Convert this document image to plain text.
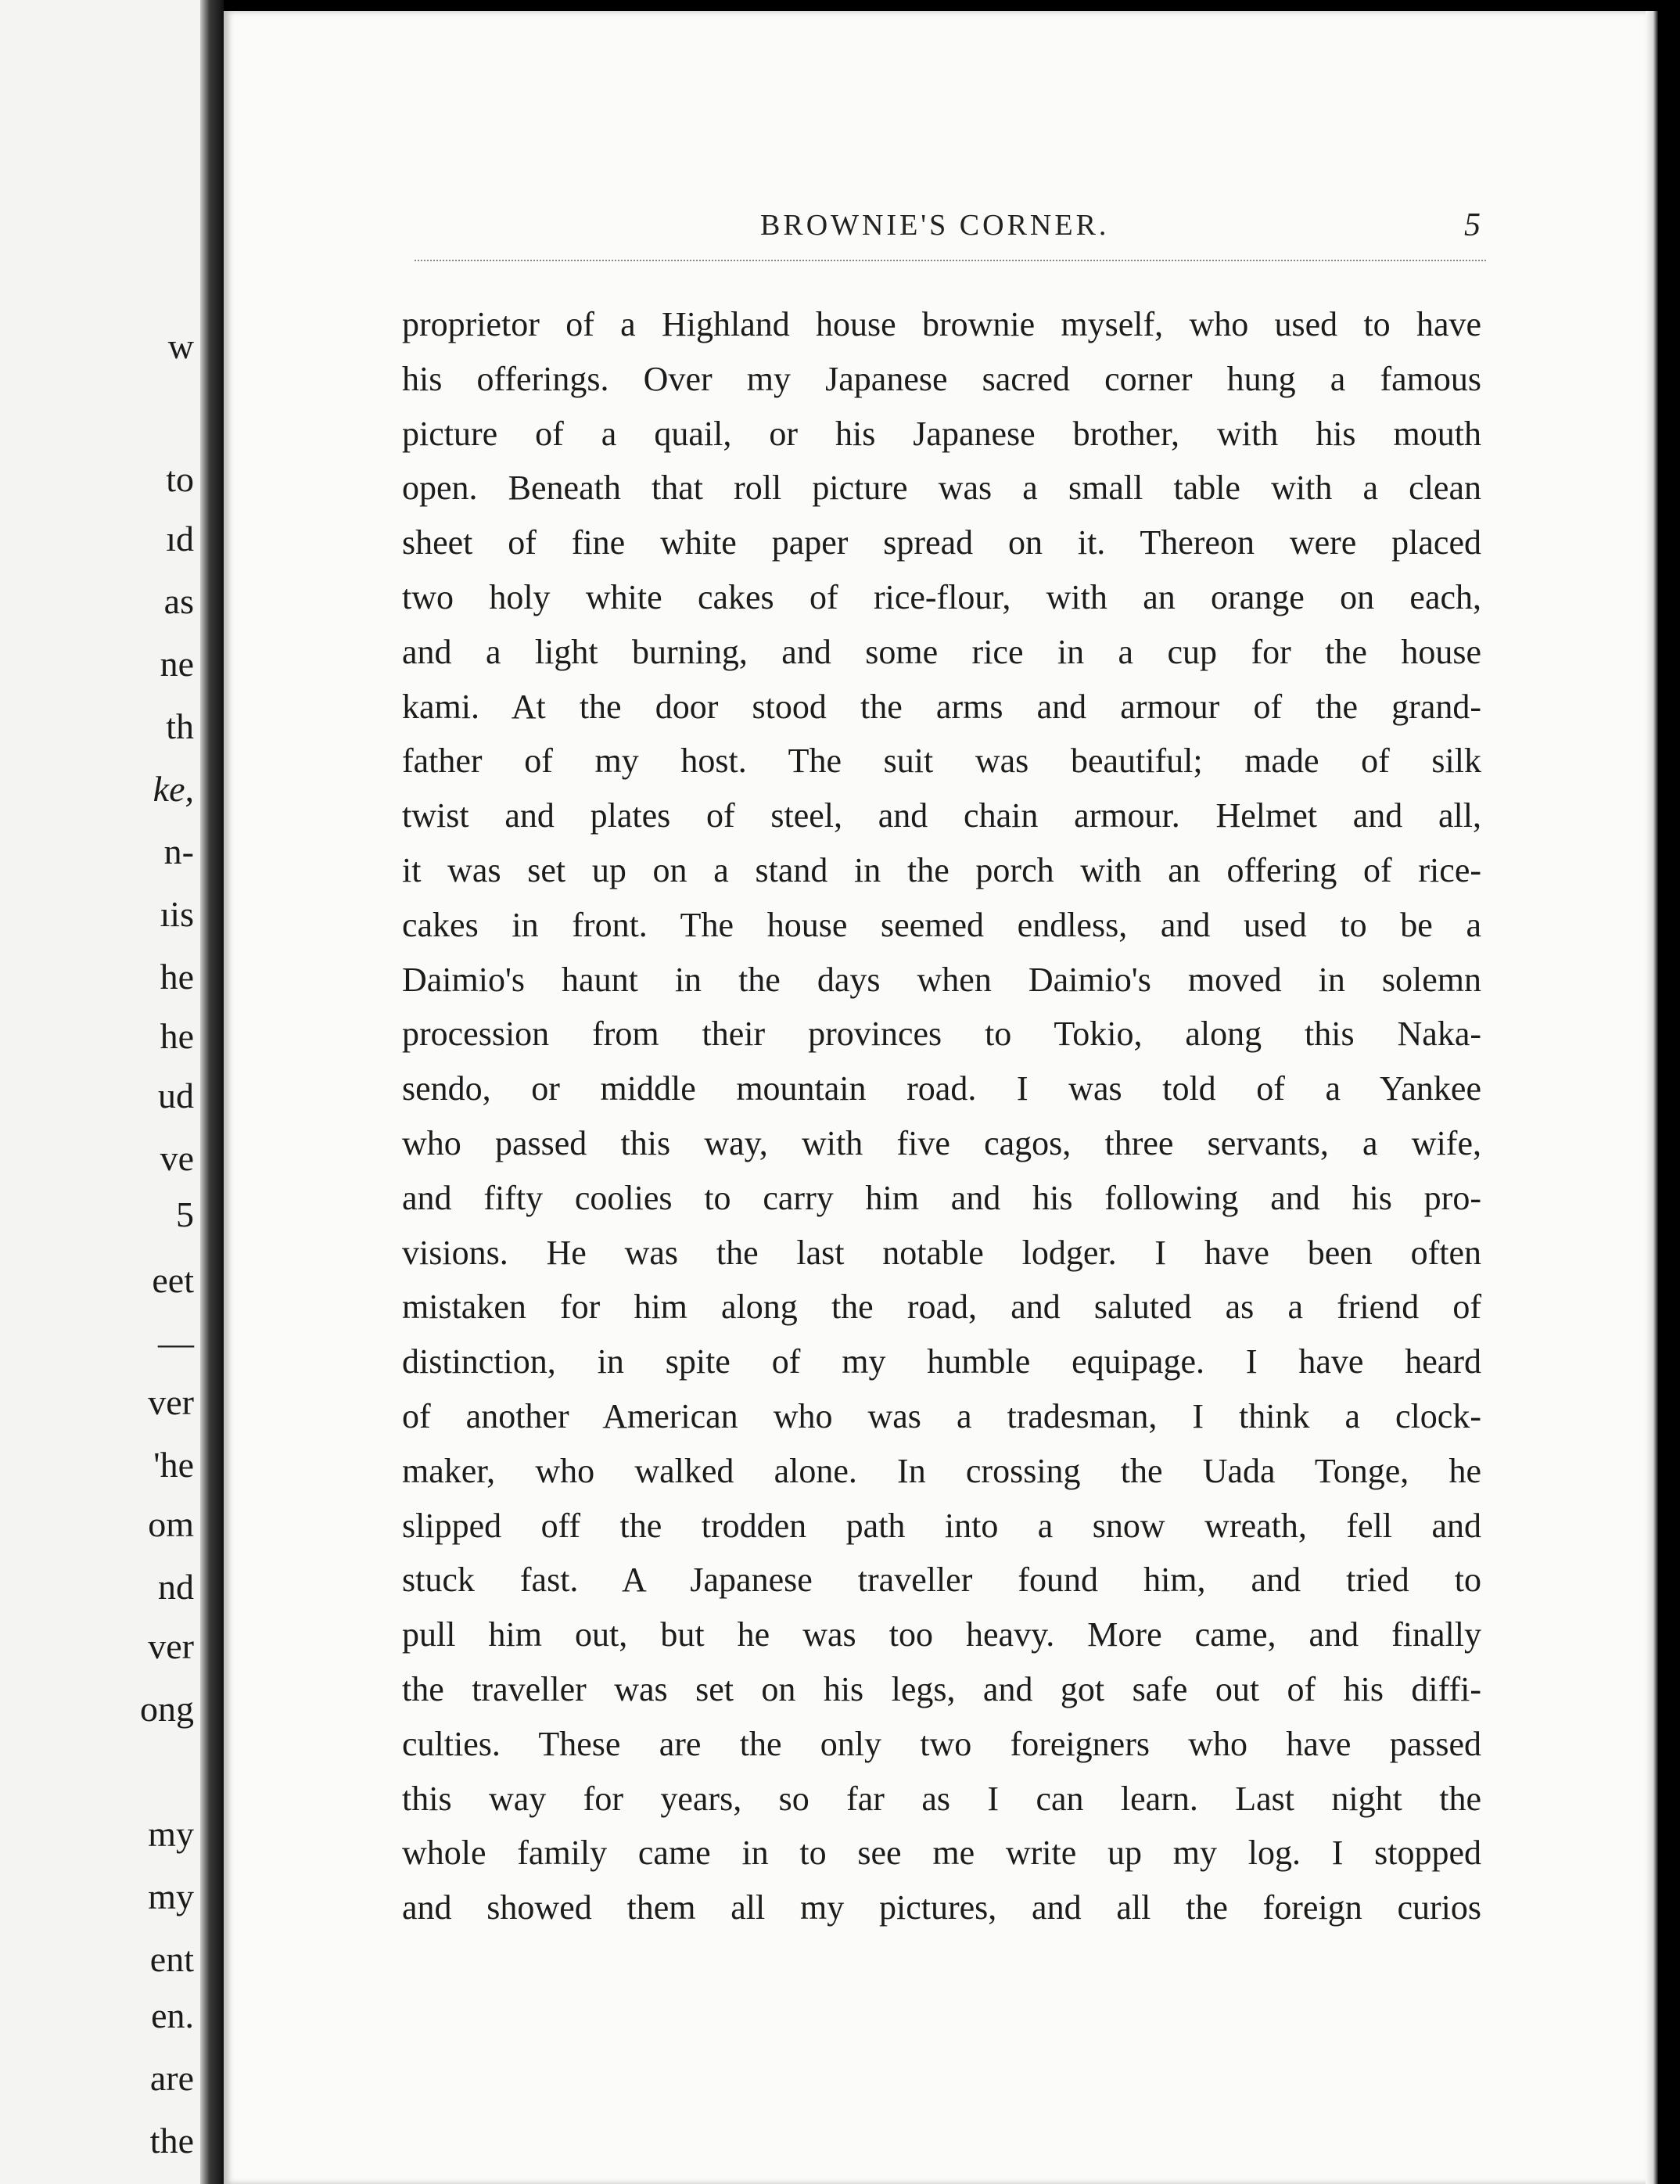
w
to
ıd
as
ne
th
ke,
n-
ıis
he
he
ud
ve
5
eet
—
ver
'he
om
nd
ver
ong
my
my
ent
en.
are
the
BROWNIE'S CORNER.	5
proprietor of a Highland house brownie myself, who used to have
his offerings. Over my Japanese sacred corner hung a famous
picture of a quail, or his Japanese brother, with his mouth
open. Beneath that roll picture was a small table with a clean
sheet of fine white paper spread on it. Thereon were placed
two holy white cakes of rice-flour, with an orange on each,
and a light burning, and some rice in a cup for the house
kami. At the door stood the arms and armour of the grand-
father of my host. The suit was beautiful; made of silk
twist and plates of steel, and chain armour. Helmet and all,
it was set up on a stand in the porch with an offering of rice-
cakes in front. The house seemed endless, and used to be a
Daimio's haunt in the days when Daimio's moved in solemn
procession from their provinces to Tokio, along this Naka-
sendo, or middle mountain road. I was told of a Yankee
who passed this way, with five cagos, three servants, a wife,
and fifty coolies to carry him and his following and his pro-
visions. He was the last notable lodger. I have been often
mistaken for him along the road, and saluted as a friend of
distinction, in spite of my humble equipage. I have heard
of another American who was a tradesman, I think a clock-
maker, who walked alone. In crossing the Uada Tonge, he
slipped off the trodden path into a snow wreath, fell and
stuck fast. A Japanese traveller found him, and tried to
pull him out, but he was too heavy. More came, and finally
the traveller was set on his legs, and got safe out of his diffi-
culties. These are the only two foreigners who have passed
this way for years, so far as I can learn. Last night the
whole family came in to see me write up my log. I stopped
and showed them all my pictures, and all the foreign curios
